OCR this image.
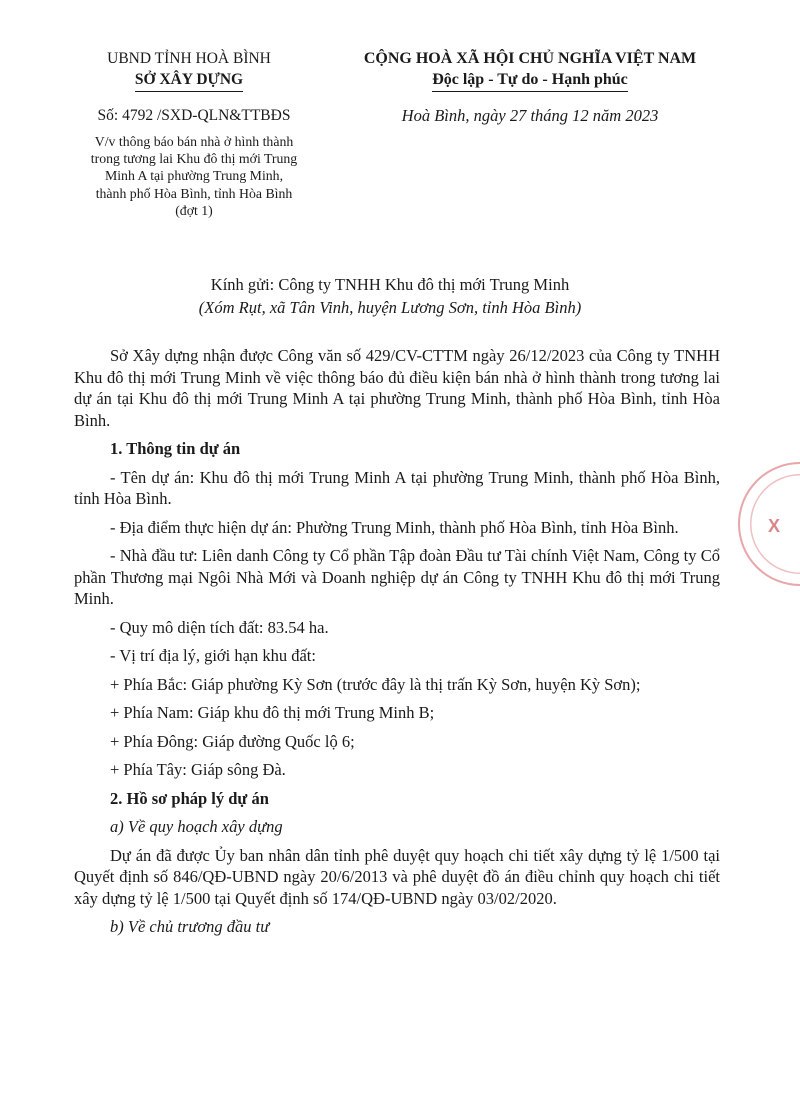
UBND TỈNH HOÀ BÌNH
SỞ XÂY DỰNG
CỘNG HOÀ XÃ HỘI CHỦ NGHĨA VIỆT NAM
Độc lập - Tự do - Hạnh phúc
Số: 4792 /SXD-QLN&TTBĐS	Hoà Bình, ngày 27 tháng 12 năm 2023
V/v thông báo bán nhà ở hình thành
trong tương lai Khu đô thị mới Trung
Minh A tại phường Trung Minh,
thành phố Hòa Bình, tỉnh Hòa Bình
(đợt 1)
Kính gửi: Công ty TNHH Khu đô thị mới Trung Minh
(Xóm Rụt, xã Tân Vinh, huyện Lương Sơn, tỉnh Hòa Bình)

Sở Xây dựng nhận được Công văn số 429/CV-CTTM ngày 26/12/2023 của Công ty TNHH Khu đô thị mới Trung Minh về việc thông báo đủ điều kiện bán nhà ở hình thành trong tương lai dự án tại Khu đô thị mới Trung Minh A tại phường Trung Minh, thành phố Hòa Bình, tỉnh Hòa Bình.

1. Thông tin dự án

- Tên dự án: Khu đô thị mới Trung Minh A tại phường Trung Minh, thành phố Hòa Bình, tỉnh Hòa Bình.

- Địa điểm thực hiện dự án: Phường Trung Minh, thành phố Hòa Bình, tỉnh Hòa Bình.

- Nhà đầu tư: Liên danh Công ty Cổ phần Tập đoàn Đầu tư Tài chính Việt Nam, Công ty Cổ phần Thương mại Ngôi Nhà Mới và Doanh nghiệp dự án Công ty TNHH Khu đô thị mới Trung Minh.

- Quy mô diện tích đất: 83.54 ha.

- Vị trí địa lý, giới hạn khu đất:

+ Phía Bắc: Giáp phường Kỳ Sơn (trước đây là thị trấn Kỳ Sơn, huyện Kỳ Sơn);

+ Phía Nam: Giáp khu đô thị mới Trung Minh B;

+ Phía Đông: Giáp đường Quốc lộ 6;

+ Phía Tây: Giáp sông Đà.

2. Hồ sơ pháp lý dự án

a) Về quy hoạch xây dựng

Dự án đã được Ủy ban nhân dân tỉnh phê duyệt quy hoạch chi tiết xây dựng tỷ lệ 1/500 tại Quyết định số 846/QĐ-UBND ngày 20/6/2013 và phê duyệt đồ án điều chỉnh quy hoạch chi tiết xây dựng tỷ lệ 1/500 tại Quyết định số 174/QĐ-UBND ngày 03/02/2020.

b) Về chủ trương đầu tư

X
